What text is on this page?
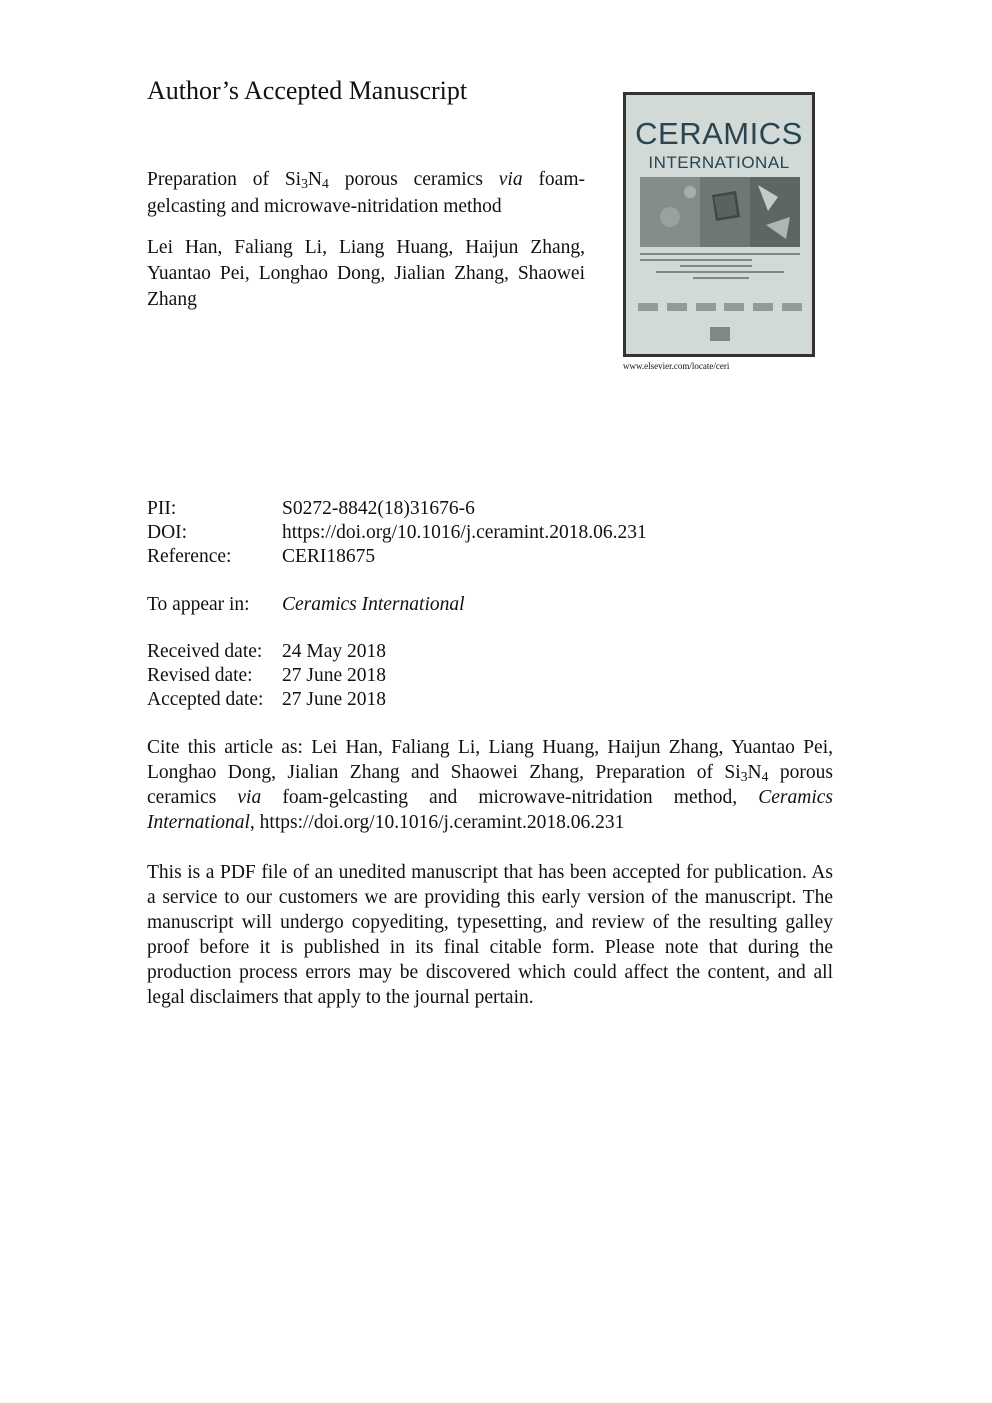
Author’s Accepted Manuscript
Preparation of $Si_3N_4$ porous ceramics via foam-gelcasting and microwave-nitridation method
Lei Han, Faliang Li, Liang Huang, Haijun Zhang, Yuantao Pei, Longhao Dong, Jialian Zhang, Shaowei Zhang
CERAMICS
INTERNATIONAL
www.elsevier.com/locate/ceri
PII:	S0272-8842(18)31676-6
DOI:	https://doi.org/10.1016/j.ceramint.2018.06.231
Reference:	CERI18675
To appear in: Ceramics International
Received date: 24 May 2018
Revised date: 27 June 2018
Accepted date: 27 June 2018
Cite this article as: Lei Han, Faliang Li, Liang Huang, Haijun Zhang, Yuantao Pei, Longhao Dong, Jialian Zhang and Shaowei Zhang, Preparation of $Si_3N_4$ porous ceramics via foam-gelcasting and microwave-nitridation method, Ceramics International, https://doi.org/10.1016/j.ceramint.2018.06.231
This is a PDF file of an unedited manuscript that has been accepted for publication. As a service to our customers we are providing this early version of the manuscript. The manuscript will undergo copyediting, typesetting, and review of the resulting galley proof before it is published in its final citable form. Please note that during the production process errors may be discovered which could affect the content, and all legal disclaimers that apply to the journal pertain.
